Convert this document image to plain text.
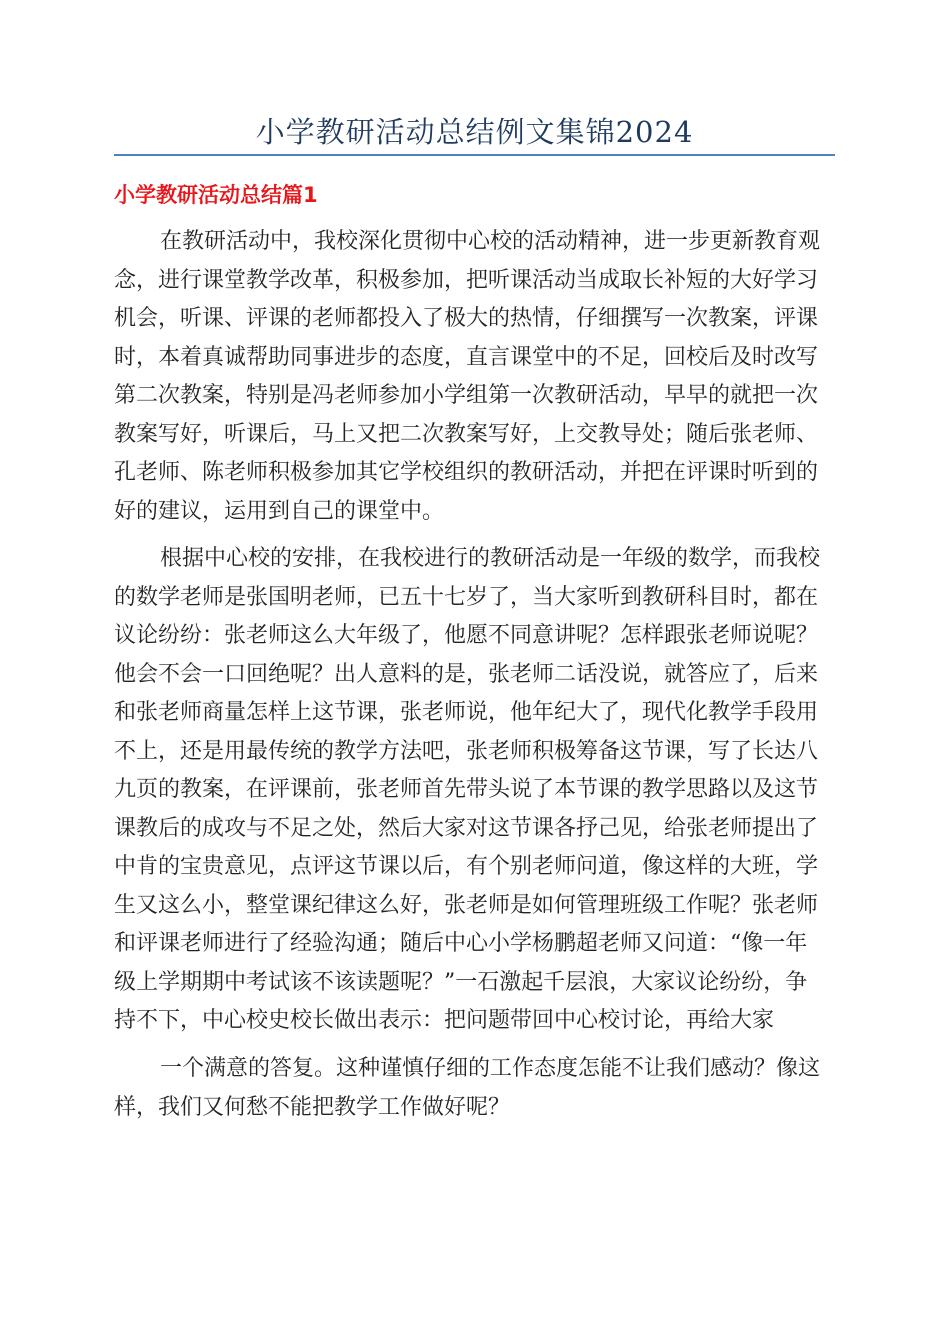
小学教研活动总结例文集锦2024
小学教研活动总结篇1

在教研活动中，我校深化贯彻中心校的活动精神，进一步更新教育观
念，进行课堂教学改革，积极参加，把听课活动当成取长补短的大好学习
机会，听课、评课的老师都投入了极大的热情，仔细撰写一次教案，评课
时，本着真诚帮助同事进步的态度，直言课堂中的不足，回校后及时改写
第二次教案，特别是冯老师参加小学组第一次教研活动，早早的就把一次
教案写好，听课后，马上又把二次教案写好，上交教导处；随后张老师、
孔老师、陈老师积极参加其它学校组织的教研活动，并把在评课时听到的
好的建议，运用到自己的课堂中。

根据中心校的安排，在我校进行的教研活动是一年级的数学，而我校
的数学老师是张国明老师，已五十七岁了，当大家听到教研科目时，都在
议论纷纷：张老师这么大年级了，他愿不同意讲呢？怎样跟张老师说呢？
他会不会一口回绝呢？出人意料的是，张老师二话没说，就答应了，后来
和张老师商量怎样上这节课，张老师说，他年纪大了，现代化教学手段用
不上，还是用最传统的教学方法吧，张老师积极筹备这节课，写了长达八
九页的教案，在评课前，张老师首先带头说了本节课的教学思路以及这节
课教后的成攻与不足之处，然后大家对这节课各抒己见，给张老师提出了
中肯的宝贵意见，点评这节课以后，有个别老师问道，像这样的大班，学
生又这么小，整堂课纪律这么好，张老师是如何管理班级工作呢？张老师
和评课老师进行了经验沟通；随后中心小学杨鹏超老师又问道：“像一年
级上学期期中考试该不该读题呢？”一石激起千层浪，大家议论纷纷，争
持不下，中心校史校长做出表示：把问题带回中心校讨论，再给大家

一个满意的答复。这种谨慎仔细的工作态度怎能不让我们感动？像这
样，我们又何愁不能把教学工作做好呢？
